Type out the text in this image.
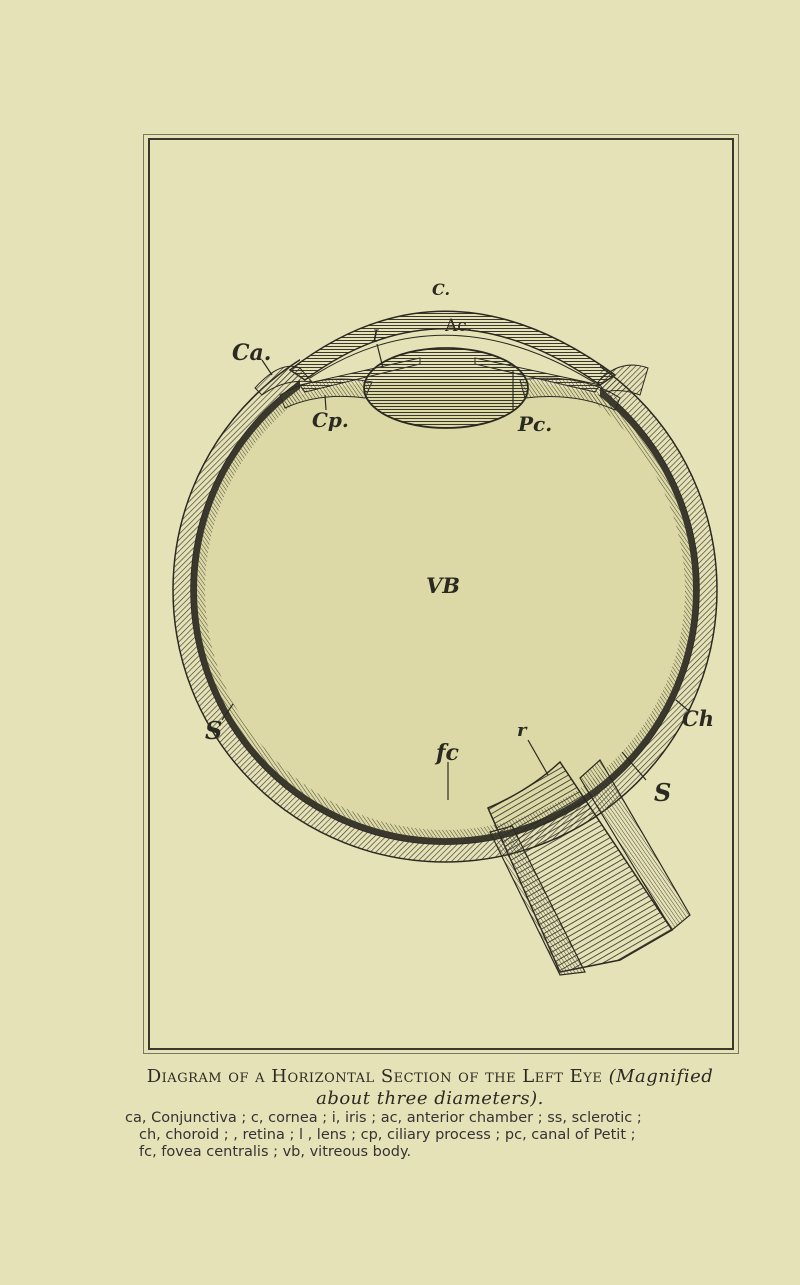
Ca.
C.
I
Ac.
Cp.	Pc.
VB
Ch
r
fc
S
S
Diagram of a Horizontal Section of the Left Eye (Magnified
about three diameters).

ca, Conjunctiva ; c, cornea ; i, iris ; ac, anterior chamber ; ss, sclerotic ;

ch, choroid ; , retina ; l , lens ; cp, ciliary process ; pc, canal of Petit ;

fc, fovea centralis ; vb, vitreous body.
